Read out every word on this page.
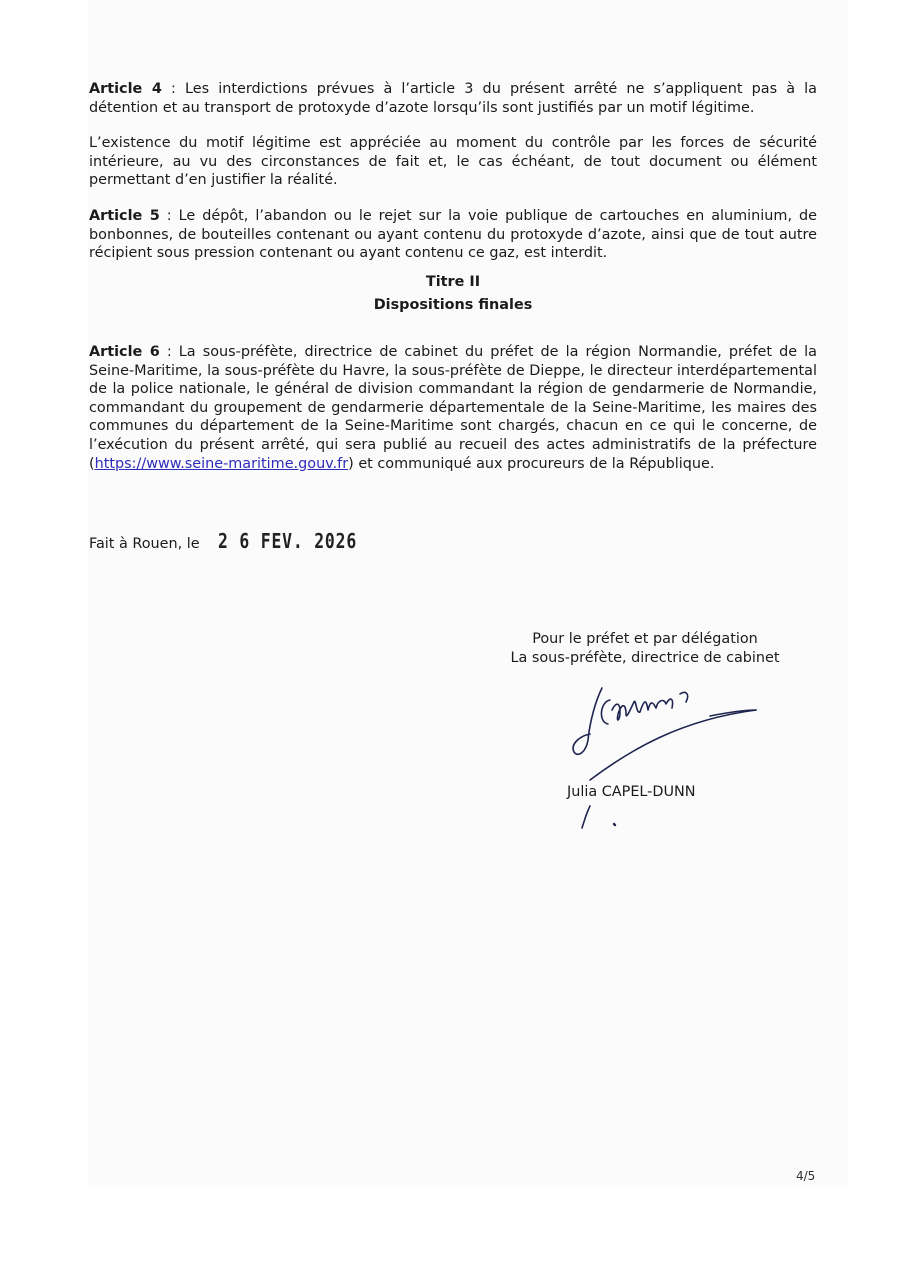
Article 4 : Les interdictions prévues à l’article 3 du présent arrêté ne s’appliquent pas à la détention et au transport de protoxyde d’azote lorsqu’ils sont justifiés par un motif légitime.

L’existence du motif légitime est appréciée au moment du contrôle par les forces de sécurité intérieure, au vu des circonstances de fait et, le cas échéant, de tout document ou élément permettant d’en justifier la réalité.

Article 5 : Le dépôt, l’abandon ou le rejet sur la voie publique de cartouches en aluminium, de bonbonnes, de bouteilles contenant ou ayant contenu du protoxyde d’azote, ainsi que de tout autre récipient sous pression contenant ou ayant contenu ce gaz, est interdit.

Titre II
Dispositions finales

Article 6 : La sous-préfète, directrice de cabinet du préfet de la région Normandie, préfet de la Seine-Maritime, la sous-préfète du Havre, la sous-préfète de Dieppe, le directeur interdépartemental de la police nationale, le général de division commandant la région de gendarmerie de Normandie, commandant du groupement de gendarmerie départementale de la Seine-Maritime, les maires des communes du département de la Seine-Maritime sont chargés, chacun en ce qui le concerne, de l’exécution du présent arrêté, qui sera publié au recueil des actes administratifs de la préfecture (https://www.seine-maritime.gouv.fr) et communiqué aux procureurs de la République.

Fait à Rouen, le 2 6 FEV. 2026
Pour le préfet et par délégation
La sous-préfète, directrice de cabinet
Julia CAPEL-DUNN
4/5
